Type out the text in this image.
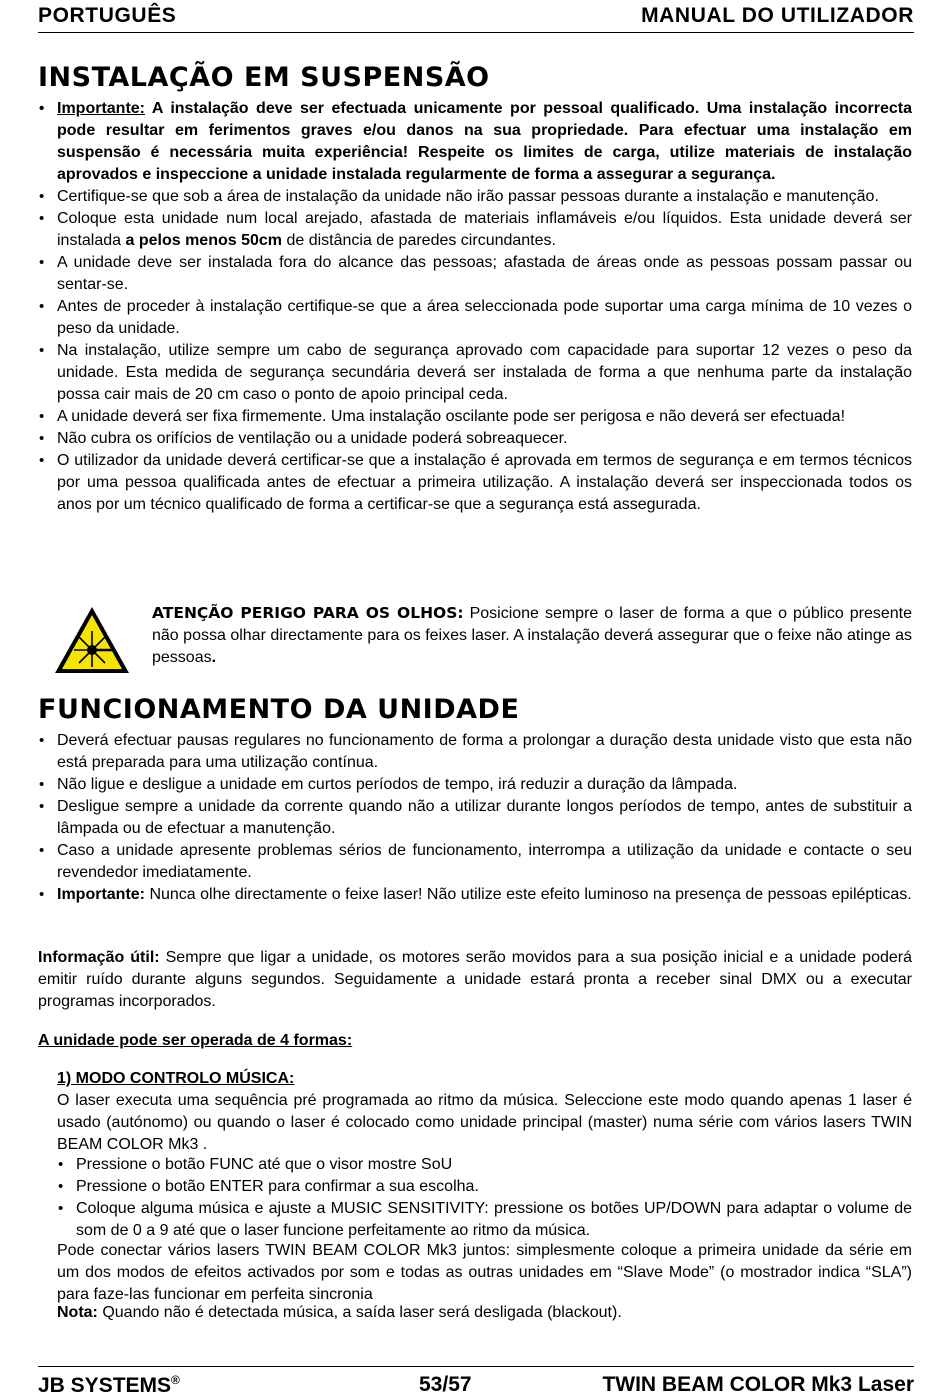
PORTUGUÊS	MANUAL DO UTILIZADOR
INSTALAÇÃO EM SUSPENSÃO
• Importante: A instalação deve ser efectuada unicamente por pessoal qualificado. Uma instalação incorrecta pode resultar em ferimentos graves e/ou danos na sua propriedade. Para efectuar uma instalação em suspensão é necessária muita experiência! Respeite os limites de carga, utilize materiais de instalação aprovados e inspeccione a unidade instalada regularmente de forma a assegurar a segurança.
• Certifique-se que sob a área de instalação da unidade não irão passar pessoas durante a instalação e manutenção.
• Coloque esta unidade num local arejado, afastada de materiais inflamáveis e/ou líquidos. Esta unidade deverá ser instalada a pelos menos 50cm de distância de paredes circundantes.
• A unidade deve ser instalada fora do alcance das pessoas; afastada de áreas onde as pessoas possam passar ou sentar-se.
• Antes de proceder à instalação certifique-se que a área seleccionada pode suportar uma carga mínima de 10 vezes o peso da unidade.
• Na instalação, utilize sempre um cabo de segurança aprovado com capacidade para suportar 12 vezes o peso da unidade. Esta medida de segurança secundária deverá ser instalada de forma a que nenhuma parte da instalação possa cair mais de 20 cm caso o ponto de apoio principal ceda.
• A unidade deverá ser fixa firmemente. Uma instalação oscilante pode ser perigosa e não deverá ser efectuada!
• Não cubra os orifícios de ventilação ou a unidade poderá sobreaquecer.
• O utilizador da unidade deverá certificar-se que a instalação é aprovada em termos de segurança e em termos técnicos por uma pessoa qualificada antes de efectuar a primeira utilização. A instalação deverá ser inspeccionada todos os anos por um técnico qualificado de forma a certificar-se que a segurança está assegurada.
ATENÇÃO PERIGO PARA OS OLHOS: Posicione sempre o laser de forma a que o público presente não possa olhar directamente para os feixes laser. A instalação deverá assegurar que o feixe não atinge as pessoas.
FUNCIONAMENTO DA UNIDADE
• Deverá efectuar pausas regulares no funcionamento de forma a prolongar a duração desta unidade visto que esta não está preparada para uma utilização contínua.
• Não ligue e desligue a unidade em curtos períodos de tempo, irá reduzir a duração da lâmpada.
• Desligue sempre a unidade da corrente quando não a utilizar durante longos períodos de tempo, antes de substituir a lâmpada ou de efectuar a manutenção.
• Caso a unidade apresente problemas sérios de funcionamento, interrompa a utilização da unidade e contacte o seu revendedor imediatamente.
• Importante: Nunca olhe directamente o feixe laser! Não utilize este efeito luminoso na presença de pessoas epilépticas.
Informação útil: Sempre que ligar a unidade, os motores serão movidos para a sua posição inicial e a unidade poderá emitir ruído durante alguns segundos. Seguidamente a unidade estará pronta a receber sinal DMX ou a executar programas incorporados.
A unidade pode ser operada de 4 formas:
1) MODO CONTROLO MÚSICA:
O laser executa uma sequência pré programada ao ritmo da música. Seleccione este modo quando apenas 1 laser é usado (autónomo) ou quando o laser é colocado como unidade principal (master) numa série com vários lasers TWIN BEAM COLOR Mk3 .
• Pressione o botão FUNC até que o visor mostre SoU
• Pressione o botão ENTER para confirmar a sua escolha.
• Coloque alguma música e ajuste a MUSIC SENSITIVITY: pressione os botões UP/DOWN para adaptar o volume de som de 0 a 9 até que o laser funcione perfeitamente ao ritmo da música.
Pode conectar vários lasers TWIN BEAM COLOR Mk3 juntos: simplesmente coloque a primeira unidade da série em um dos modos de efeitos activados por som e todas as outras unidades em “Slave Mode” (o mostrador indica “SLA”) para faze-las funcionar em perfeita sincronia
Nota: Quando não é detectada música, a saída laser será desligada (blackout).
JB SYSTEMS®	53/57	TWIN BEAM COLOR Mk3 Laser
